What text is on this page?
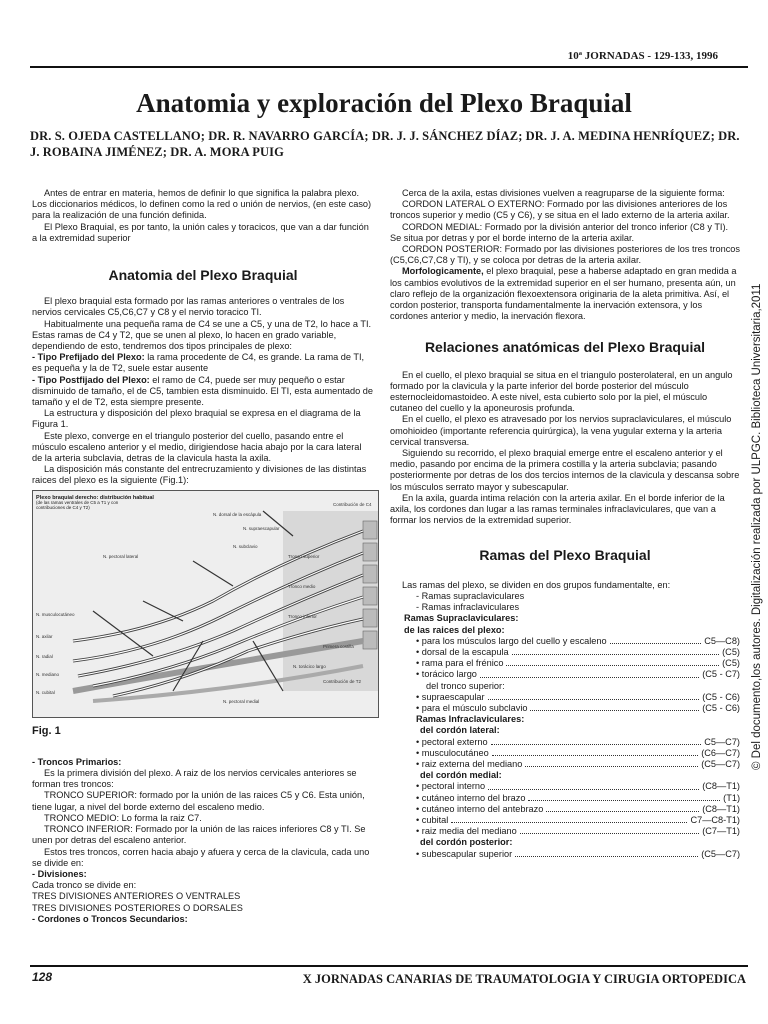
10ª JORNADAS - 129-133, 1996
Anatomia y exploración del Plexo Braquial
DR. S. OJEDA CASTELLANO; DR. R. NAVARRO GARCÍA; DR. J. J. SÁNCHEZ DÍAZ; DR. J. A. MEDINA HENRÍQUEZ; DR. J. ROBAINA JIMÉNEZ; DR. A. MORA PUIG

Antes de entrar en materia, hemos de definir lo que significa la palabra plexo. Los diccionarios médicos, lo definen como la red o unión de nervios, (en este caso) para la realización de una función definida.

El Plexo Braquial, es por tanto, la unión cales y toracicos, que van a dar función a la extremidad superior

Anatomia del Plexo Braquial

El plexo braquial esta formado por las ramas anteriores o ventrales de los nervios cervicales C5,C6,C7 y C8 y el nervio toracico TI.

Habitualmente una pequeña rama de C4 se une a C5, y una de T2, lo hace a TI. Estas ramas de C4 y T2, que se unen al plexo, lo hacen en grado variable, dependiendo de esto, tendremos dos tipos principales de plexo:

- Tipo Prefijado del Plexo: la rama procedente de C4, es grande. La rama de TI, es pequeña y la de T2, suele estar ausente

- Tipo Postfijado del Plexo: el ramo de C4, puede ser muy pequeño o estar disminuido de tamaño, el de C5, tambien esta disminuido. El TI, esta aumentado de tamaño y el de T2, esta siempre presente.

La estructura y disposición del plexo braquial se expresa en el diagrama de la Figura 1.

Este plexo, converge en el triangulo posterior del cuello, pasando entre el músculo escaleno anterior y el medio, dirigiendose hacia abajo por la cara lateral de la arteria subclavia, detras de la clavicula hasta la axila.

La disposición más constante del entrecruzamiento y divisiones de las distintas raices del plexo es la siguiente (Fig.1):

Plexo braquial derecho: distribución habitual
(de las ramas ventrales de C5 a T1 y con contribuciones de C4 y T2)
N. dorsal de la escápula
N. supraescapular
N. pectoral lateral
N. musculocutáneo
N. axilar
N. radial
N. mediano
N. cubital
N. pectoral medial
N. torácico largo
Tronco superior
Tronco medio
Tronco inferior
Contribución de C4
Primera costilla
Contribución de T2
N. subclavio
Fig. 1

- Troncos Primarios:

Es la primera división del plexo. A raiz de los nervios cervicales anteriores se forman tres troncos:

TRONCO SUPERIOR: formado por la unión de las raices C5 y C6. Esta unión, tiene lugar, a nivel del borde externo del escaleno medio.

TRONCO MEDIO: Lo forma la raiz C7.

TRONCO INFERIOR: Formado por la unión de las raices inferiores C8 y TI. Se unen por detras del escaleno anterior.

Estos tres troncos, corren hacia abajo y afuera y cerca de la clavicula, cada uno se divide en:

- Divisiones:

Cada tronco se divide en:

TRES DIVISIONES ANTERIORES O VENTRALES

TRES DIVISIONES POSTERIORES O DORSALES

- Cordones o Troncos Secundarios:

Cerca de la axila, estas divisiones vuelven a reagruparse de la siguiente forma:

CORDON LATERAL O EXTERNO: Formado por las divisiones anteriores de los troncos superior y medio (C5 y C6), y se situa en el lado externo de la arteria axilar.

CORDON MEDIAL: Formado por la división anterior del tronco inferior (C8 y TI). Se situa por detras y por el borde interno de la arteria axilar.

CORDON POSTERIOR: Formado por las divisiones posteriores de los tres troncos (C5,C6,C7,C8 y TI), y se coloca por detras de la arteria axilar.

Morfologicamente, el plexo braquial, pese a haberse adaptado en gran medida a los cambios evolutivos de la extremidad superior en el ser humano, presenta aún, un claro reflejo de la organización flexoextensora originaria de la aleta primitiva. Así, el cordon posterior, transporta fundamentalmente la inervación extensora, y los cordones anterior y medio, la inervación flexora.

Relaciones anatómicas del Plexo Braquial

En el cuello, el plexo braquial se situa en el triangulo posterolateral, en un angulo formado por la clavicula y la parte inferior del borde posterior del músculo esternocleidomastoideo. A este nivel, esta cubierto solo por la piel, el músculo cutaneo del cuello y la aponeurosis profunda.

En el cuello, el plexo es atravesado por los nervios supraclaviculares, el músculo omohioideo (importante referencia quirúrgica), la vena yugular externa y la arteria cervical transversa.

Siguiendo su recorrido, el plexo braquial emerge entre el escaleno anterior y el medio, pasando por encima de la primera costilla y la arteria subclavia; pasando posteriormente por detras de los dos tercios internos de la clavicula y descansa sobre los músculos serrato mayor y subescapular.

En la axila, guarda intima relación con la arteria axilar. En el borde inferior de la axila, los cordones dan lugar a las ramas terminales infraclaviculares, que van a formar los nervios de la extremidad superior.

Ramas del Plexo Braquial

Las ramas del plexo, se dividen en dos grupos fundamentalte, en:

- Ramas supraclaviculares

- Ramas infraclaviculares

Ramas Supraclaviculares:

de las raices del plexo:

• para los músculos largo del cuello y escaleno	C5—C8)
• dorsal de la escapula	(C5)
• rama para el frénico	(C5)
• torácico largo	(C5 - C7)

del tronco superior:

• supraescapular	(C5 - C6)
• para el músculo subclavio	(C5 - C6)

Ramas Infraclaviculares:

del cordón lateral:

• pectoral externo	C5—C7)
• musculocutáneo	(C6—C7)
• raiz externa del mediano	(C5—C7)

del cordón medial:

• pectoral interno	(C8—T1)
• cutáneo interno del brazo	(T1)
• cutáneo interno del antebrazo	(C8—T1)
• cubital	C7—C8-T1)
• raiz media del mediano	(C7—T1)

del cordón posterior:

• subescapular superior	(C5—C7)
© Del documento,los autores. Digitalización realizada por ULPGC. Biblioteca Universitaria,2011
128	X JORNADAS CANARIAS DE TRAUMATOLOGIA Y CIRUGIA ORTOPEDICA
